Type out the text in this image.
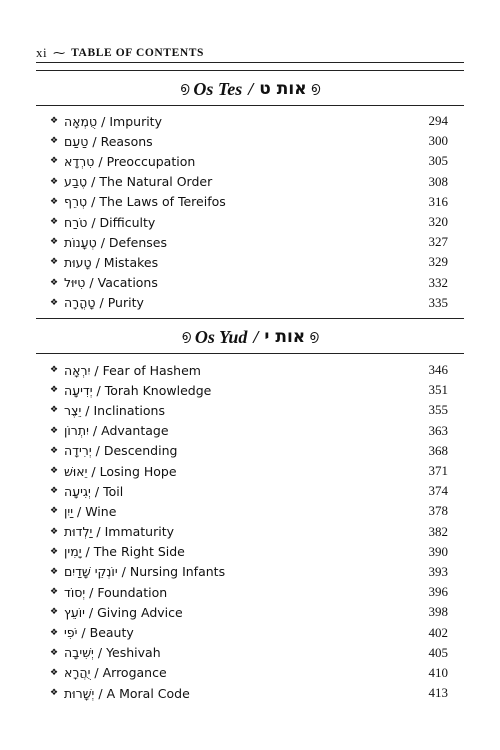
xi ⁓ TABLE OF CONTENTS
൭ Os Tes / אות ט ൭
❖ טֻמְאָה / Impurity	294
❖ טַעַם / Reasons	300
❖ טִרְדָא / Preoccupation	305
❖ טֶבַע / The Natural Order	308
❖ טְרֵף / The Laws of Tereifos	316
❖ טֹרַח / Difficulty	320
❖ טְעָנוֹת / Defenses	327
❖ טָעוּת / Mistakes	329
❖ טִיּוּל / Vacations	332
❖ טָהֳרָה / Purity	335
൭ Os Yud / אות י ൭
❖ יִרְאָה / Fear of Hashem	346
❖ יְדִיעָה / Torah Knowledge	351
❖ יֵצֶר / Inclinations	355
❖ יִתְרוֹן / Advantage	363
❖ יְרִידָה / Descending	368
❖ יֵאוּשׁ / Losing Hope	371
❖ יְגִיעָה / Toil	374
❖ יַיִן / Wine	378
❖ יַלְדוּת / Immaturity	382
❖ יָמִין / The Right Side	390
❖ יוֹנְקֵי שָׁדַיִם / Nursing Infants	393
❖ יְסוֹד / Foundation	396
❖ יוֹעֵץ / Giving Advice	398
❖ יֹפִי / Beauty	402
❖ יְשִׁיבָה / Yeshivah	405
❖ יֻהֲרָא / Arrogance	410
❖ יְשָׁרוּת / A Moral Code	413
